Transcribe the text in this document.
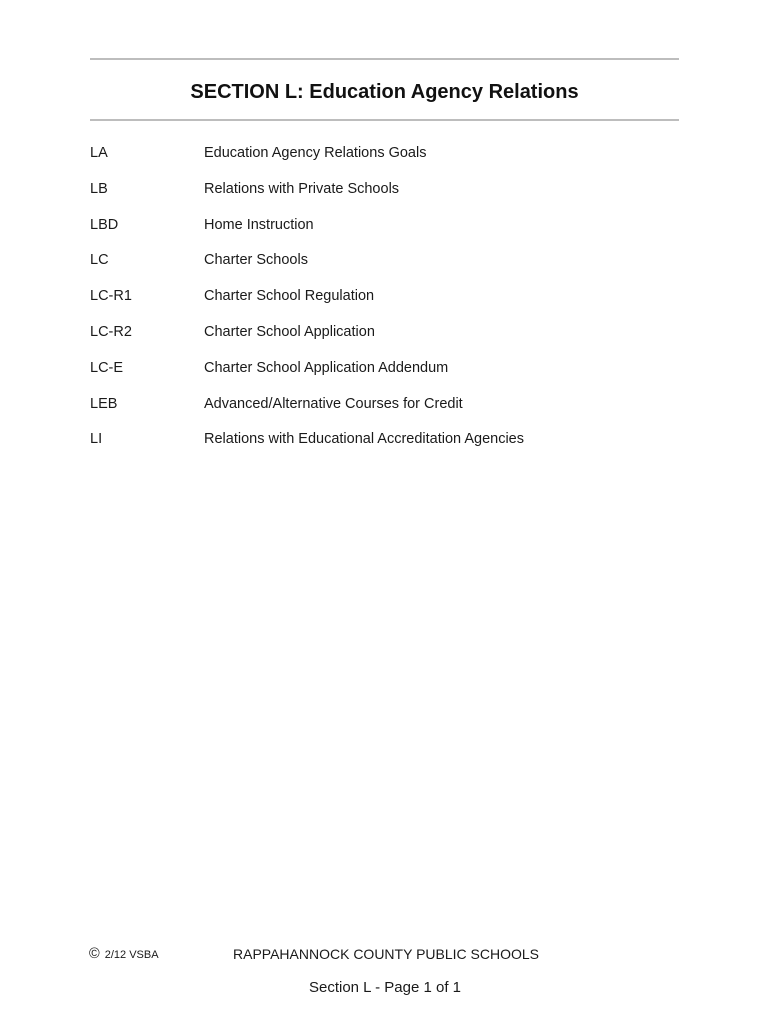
SECTION L: Education Agency Relations
LA	Education Agency Relations Goals
LB	Relations with Private Schools
LBD	Home Instruction
LC	Charter Schools
LC-R1	Charter School Regulation
LC-R2	Charter School Application
LC-E	Charter School Application Addendum
LEB	Advanced/Alternative Courses for Credit
LI	Relations with Educational Accreditation Agencies
© 2/12 VSBA	RAPPAHANNOCK COUNTY PUBLIC SCHOOLS
Section L - Page 1 of 1
